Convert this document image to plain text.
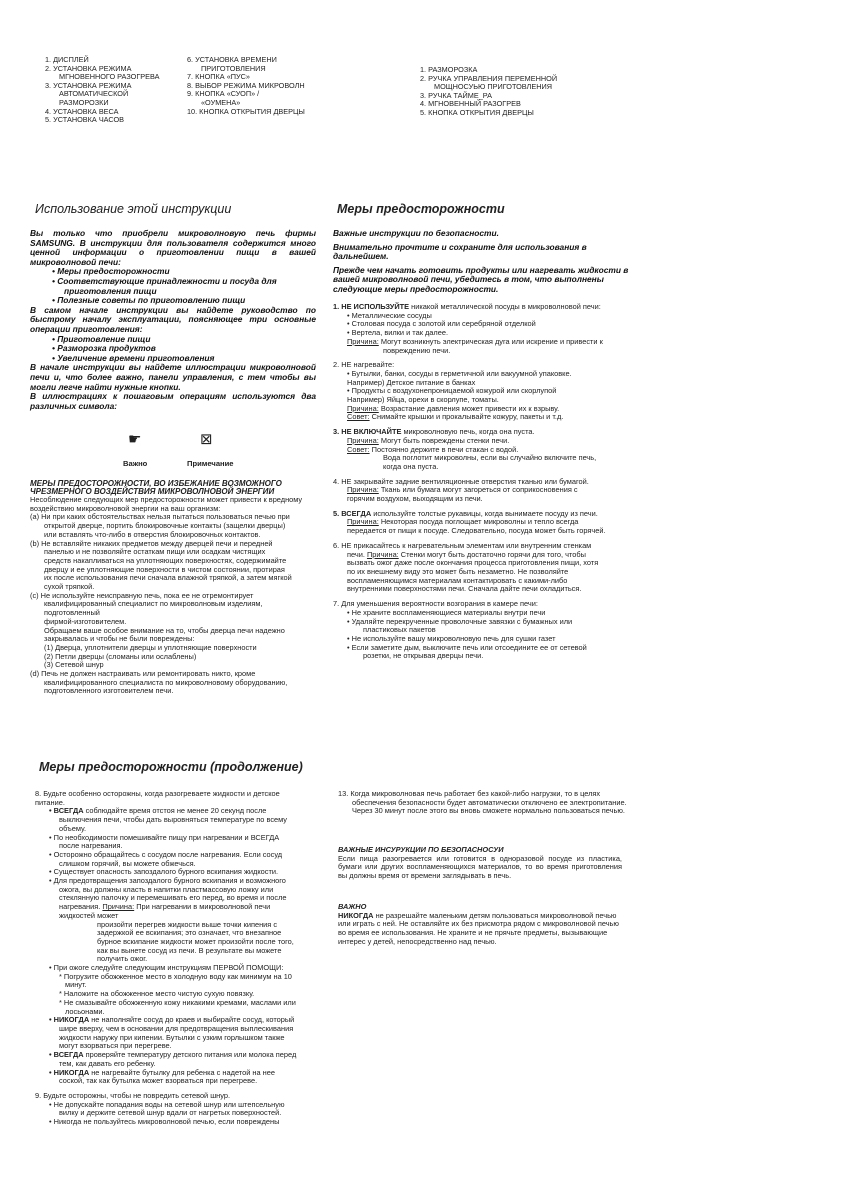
1. ДИСПЛЕЙ
2. УСТАНОВКА РЕЖИМА
МГНОВЕННОГО РАЗОГРЕВА
3. УСТАНОВКА РЕЖИМА
АВТОМАТИЧЕСКОЙ
РАЗМОРОЗКИ
4. УСТАНОВКА ВЕСА
5. УСТАНОВКА ЧАСОВ
6. УСТАНОВКА ВРЕМЕНИ
ПРИГОТОВЛЕНИЯ
7. КНОПКА «ПУС»
8. ВЫБОР РЕЖИМА МИКРОВОЛН
9. КНОПКА «СУОП» /
«ОУМЕНА»
10. КНОПКА ОТКРЫТИЯ ДВЕРЦЫ
1. РАЗМОРОЗКА
2. РУЧКА УПРАВЛЕНИЯ ПЕРЕМЕННОЙ
МОЩНОСУЬЮ ПРИГОТОВЛЕНИЯ
3. РУЧКА ТАЙМЕ_РА
4. МГНОВЕННЫЙ РАЗОГРЕВ
5. КНОПКА ОТКРЫТИЯ ДВЕРЦЫ
Использование этой инструкции

Вы только что приобрели микроволновую печь фирмы SAMSUNG. В инструкции для пользователя содержится много ценной информации о приготовлении пищи в вашей микроволновой печи:

• Меры предосторожности

• Соответствующие принадлежности и посуда для

приготовления пищи

• Полезные советы по приготовлению пищи

В самом начале инструкции вы найдете руководство по быстрому началу эксплуатации, поясняющее три основные операции приготовления:

• Приготовление пищи

• Разморозка продуктов

• Увеличение времени приготовления

В начале инструкции вы найдете иллюстрации микроволновой печи и, что более важно, панели управления, с тем чтобы вы могли легче найти нужные кнопки.

В иллюстрациях к пошаговым операциям используются два различных символа:

☛	⊠
Важно	Примечание

МЕРЫ ПРЕДОСТОРОЖНОСТИ, ВО ИЗБЕЖАНИЕ ВОЗМОЖНОГО

ЧРЕЗМЕРНОГО ВОЗДЕЙСТВИЯ МИКРОВОЛНОВОЙ ЭНЕРГИИ

Несоблюдение следующих мер предосторожности может привести к вредному воздействию микроволновой энергии на ваш организм:

(a) Ни при каких обстоятельствах нельзя пытаться пользоваться печью при

открытой дверце, портить блокировочные контакты (защелки дверцы)

или вставлять что-либо в отверстия блокировочных контактов.

(b) Не вставляйте никаких предметов между дверцей печи и передней

панелью и не позволяйте остаткам пищи или осадкам чистящих

средств накапливаться на уплотняющих поверхностях, содержимайте

дверцу и ее уплотняющие поверхности в чистом состоянии, протирая

их после использования печи сначала влажной тряпкой, а затем мягкой

сухой тряпкой.

(c) Не используйте неисправную печь, пока ее не отремонтирует

квалифицированный специалист по микроволновым изделиям,

подготовленный

фирмой-изготовителем.

Обращаем ваше особое внимание на то, чтобы дверца печи надежно

закрывалась и чтобы не были повреждены:

(1) Дверца, уплотнители дверцы и уплотняющие поверхности

(2) Петли дверцы (сломаны или ослаблены)

(3) Сетевой шнур

(d) Печь не должен настраивать или ремонтировать никто, кроме

квалифицированного специалиста по микроволновому оборудованию,

подготовленного изготовителем печи.

Меры предосторожности

Важные инструкции по безопасности.

Внимательно прочтите и сохраните для использования в дальнейшем.

Прежде чем начать готовить продукты или нагревать жидкости в вашей микроволновой печи, убедитесь в том, что выполнены следующие меры предосторожности.

1. НЕ ИСПОЛЬЗУЙТЕ никакой металлической посуды в микроволновой печи:

• Металлические сосуды

• Столовая посуда с золотой или серебряной отделкой

• Вертела, вилки и так далее.

Причина: Могут возникнуть электрическая дуга или искрение и привести к

повреждению печи.

2. НЕ нагревайте:

• Бутылки, банки, сосуды в герметичной или вакуумной упаковке.

Например) Детское питание в банках

• Продукты с воздухонепроницаемой кожурой или скорлупой

Например) Яйца, орехи в скорлупе, томаты.

Причина: Возрастание давления может привести их к взрыву.

Совет: Снимайте крышки и прокалывайте кожуру, пакеты и т.д.

3. НЕ ВКЛЮЧАЙТЕ микроволновую печь, когда она пуста.

Причина: Могут быть повреждены стенки печи.

Совет: Постоянно держите в печи стакан с водой.

Вода поглотит микроволны, если вы случайно включите печь,

когда она пуста.

4. НЕ закрывайте задние вентиляционные отверстия тканью или бумагой.

Причина: Ткань или бумага могут загореться от соприкосновения с

горячим воздухом, выходящим из печи.

5. ВСЕГДА используйте толстые рукавицы, когда вынимаете посуду из печи.

Причина: Некоторая посуда поглощает микроволны и тепло всегда

передается от пищи к посуде. Следовательно, посуда может быть горячей.

6. НЕ прикасайтесь к нагревательным элементам или внутренним стенкам

печи. Причина: Стенки могут быть достаточно горячи для того, чтобы

вызвать ожог даже после окончания процесса приготовления пищи, хотя

по их внешнему виду это может быть незаметно. Не позволяйте

воспламеняющимся материалам контактировать с какими-либо

внутренними поверхностями печи. Сначала дайте печи охладиться.

7. Для уменьшения вероятности возгорания в камере печи:

• Не храните воспламеняющиеся материалы внутри печи

• Удаляйте перекрученные проволочные завязки с бумажных или

пластиковых пакетов

• Не используйте вашу микроволновую печь для сушки газет

• Если заметите дым, выключите печь или отсоедините ее от сетевой

розетки, не открывая дверцы печи.

Меры предосторожности (продолжение)

8. Будьте особенно осторожны, когда разогреваете жидкости и детское

питание.

• ВСЕГДА соблюдайте время отстоя не менее 20 секунд после

выключения печи, чтобы дать выровняться температуре по всему

объему.

• По необходимости помешивайте пищу при нагревании и ВСЕГДА

после нагревания.

• Осторожно обращайтесь с сосудом после нагревания. Если сосуд

слишком горячий, вы можете обжечься.

• Существует опасность запоздалого бурного вскипания жидкости.

• Для предотвращения запоздалого бурного вскипания и возможного

ожога, вы должны класть в напитки пластмассовую ложку или

стеклянную палочку и перемешивать его перед, во время и после

нагревания. Причина: При нагревании в микроволновой печи

жидкостей может

произойти перегрев жидкости выше точки кипения с

задержкой ее вскипания; это означает, что внезапное

бурное вскипание жидкости может произойти после того,

как вы вынете сосуд из печи. В результате вы можете

получить ожог.

• При ожоге следуйте следующим инструкциям ПЕРВОЙ ПОМОЩИ:

* Погрузите обожженное место в холодную воду как минимум на 10

минут.

* Наложите на обожженное место чистую сухую повязку.

* Не смазывайте обожженную кожу никакими кремами, маслами или

лосьонами.

• НИКОГДА не наполняйте сосуд до краев и выбирайте сосуд, который

шире вверху, чем в основании для предотвращения выплескивания

жидкости наружу при кипении. Бутылки с узким горлышком также

могут взорваться при перегреве.

• ВСЕГДА проверяйте температуру детского питания или молока перед

тем, как давать его ребенку.

• НИКОГДА не нагревайте бутылку для ребенка с надетой на нее

соской, так как бутылка может взорваться при перегреве.

9. Будьте осторожны, чтобы не повредить сетевой шнур.

• Не допускайте попадания воды на сетевой шнур или штепсельную

вилку и держите сетевой шнур вдали от нагретых поверхностей.

• Никогда не пользуйтесь микроволновой печью, если повреждены

13. Когда микроволновая печь работает без какой-либо нагрузки, то в целях

обеспечения безопасности будет автоматически отключено ее электропитание.

Через 30 минут после этого вы вновь сможете нормально пользоваться печью.

ВАЖНЫЕ ИНСУРУКЦИИ ПО БЕЗОПАСНОСУИ

Если пища разогревается или готовится в одноразовой посуде из пластика, бумаги или других воспламеняющихся материалов, то во время приготовления вы должны время от времени заглядывать в печь.

ВАЖНО

НИКОГДА не разрешайте маленьким детям пользоваться микроволновой печью или играть с ней. Не оставляйте их без присмотра рядом с микроволновой печью во время ее использования. Не храните и не прячьте предметы, вызывающие интерес у детей, непосредственно над печью.
